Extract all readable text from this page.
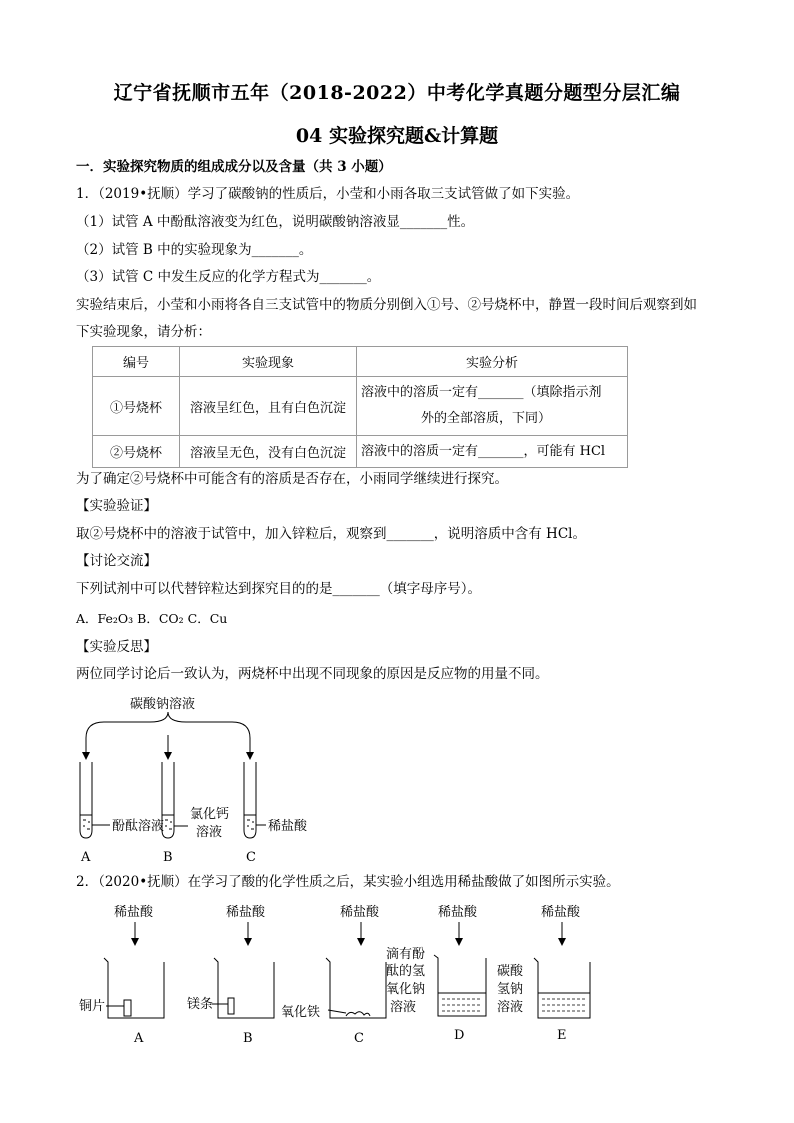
辽宁省抚顺市五年（2018-2022）中考化学真题分题型分层汇编
04 实验探究题&计算题
一．实验探究物质的组成成分以及含量（共 3 小题）
1．（2019•抚顺）学习了碳酸钠的性质后，小莹和小雨各取三支试管做了如下实验。
（1）试管 A 中酚酞溶液变为红色，说明碳酸钠溶液显_______性。
（2）试管 B 中的实验现象为_______。
（3）试管 C 中发生反应的化学方程式为_______。
实验结束后，小莹和小雨将各自三支试管中的物质分别倒入①号、②号烧杯中，静置一段时间后观察到如
下实验现象，请分析：
编号	实验现象	实验分析
①号烧杯	溶液呈红色，且有白色沉淀	溶液中的溶质一定有_______（填除指示剂
外的全部溶质，下同）

②号烧杯	溶液呈无色，没有白色沉淀	溶液中的溶质一定有_______，可能有 HCl
为了确定②号烧杯中可能含有的溶质是否存在，小雨同学继续进行探究。
【实验验证】
取②号烧杯中的溶液于试管中，加入锌粒后，观察到_______，说明溶质中含有 HCl。
【讨论交流】
下列试剂中可以代替锌粒达到探究目的的是_______（填字母序号）。
A．Fe₂O₃ B．CO₂ C．Cu
【实验反思】
两位同学讨论后一致认为，两烧杯中出现不同现象的原因是反应物的用量不同。
2．（2020•抚顺）在学习了酸的化学性质之后，某实验小组选用稀盐酸做了如图所示实验。
碳酸钠溶液
酚酞溶液
氯化钙
溶液	稀盐酸
A	B	C
稀盐酸	稀盐酸	稀盐酸	稀盐酸	稀盐酸
铜片	镁条
氧化铁
滴有酚
酞的氢
氧化钠
溶液
碳酸
氢钠
溶液
A	B	C	D	E
